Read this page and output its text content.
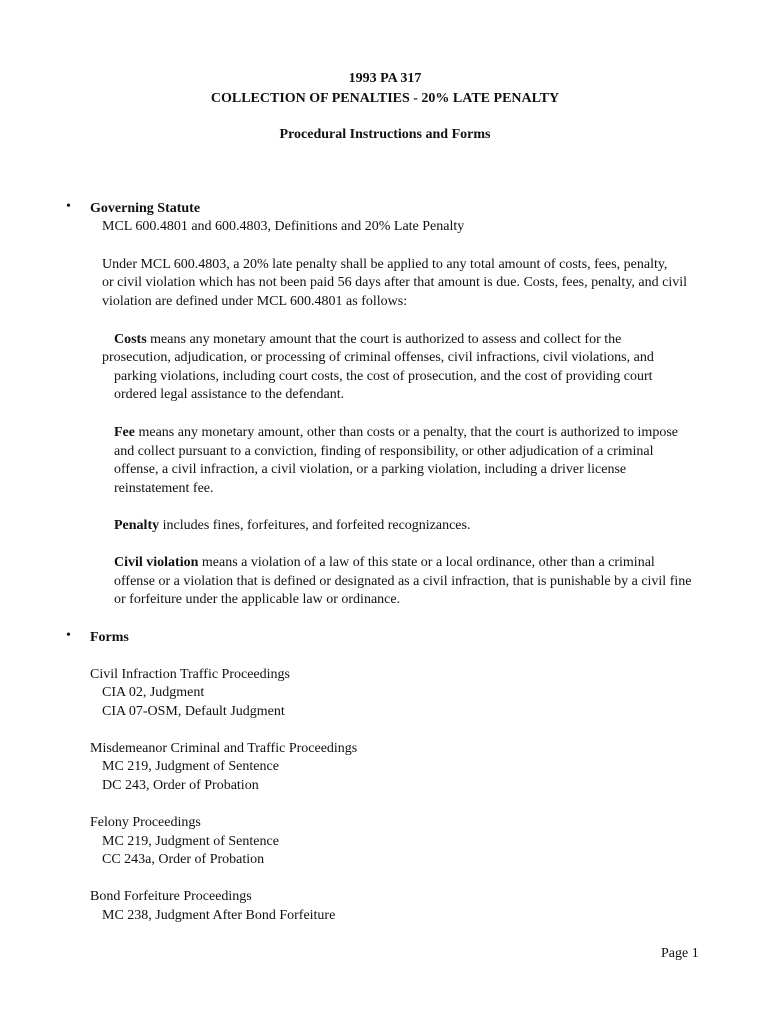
1993 PA 317
COLLECTION OF PENALTIES - 20% LATE PENALTY
Procedural Instructions and Forms
• Governing Statute
MCL 600.4801 and 600.4803, Definitions and 20% Late Penalty
Under MCL 600.4803, a 20% late penalty shall be applied to any total amount of costs, fees, penalty,
or civil violation which has not been paid 56 days after that amount is due. Costs, fees, penalty, and civil
violation are defined under MCL 600.4801 as follows:
Costs means any monetary amount that the court is authorized to assess and collect for the
prosecution, adjudication, or processing of criminal offenses, civil infractions, civil violations, and
parking violations, including court costs, the cost of prosecution, and the cost of providing court
ordered legal assistance to the defendant.
Fee means any monetary amount, other than costs or a penalty, that the court is authorized to impose
and collect pursuant to a conviction, finding of responsibility, or other adjudication of a criminal
offense, a civil infraction, a civil violation, or a parking violation, including a driver license
reinstatement fee.
Penalty includes fines, forfeitures, and forfeited recognizances.
Civil violation means a violation of a law of this state or a local ordinance, other than a criminal
offense or a violation that is defined or designated as a civil infraction, that is punishable by a civil fine
or forfeiture under the applicable law or ordinance.
• Forms
Civil Infraction Traffic Proceedings
CIA 02, Judgment
CIA 07-OSM, Default Judgment
Misdemeanor Criminal and Traffic Proceedings
MC 219, Judgment of Sentence
DC 243, Order of Probation
Felony Proceedings
MC 219, Judgment of Sentence
CC 243a, Order of Probation
Bond Forfeiture Proceedings
MC 238, Judgment After Bond Forfeiture
Page 1
